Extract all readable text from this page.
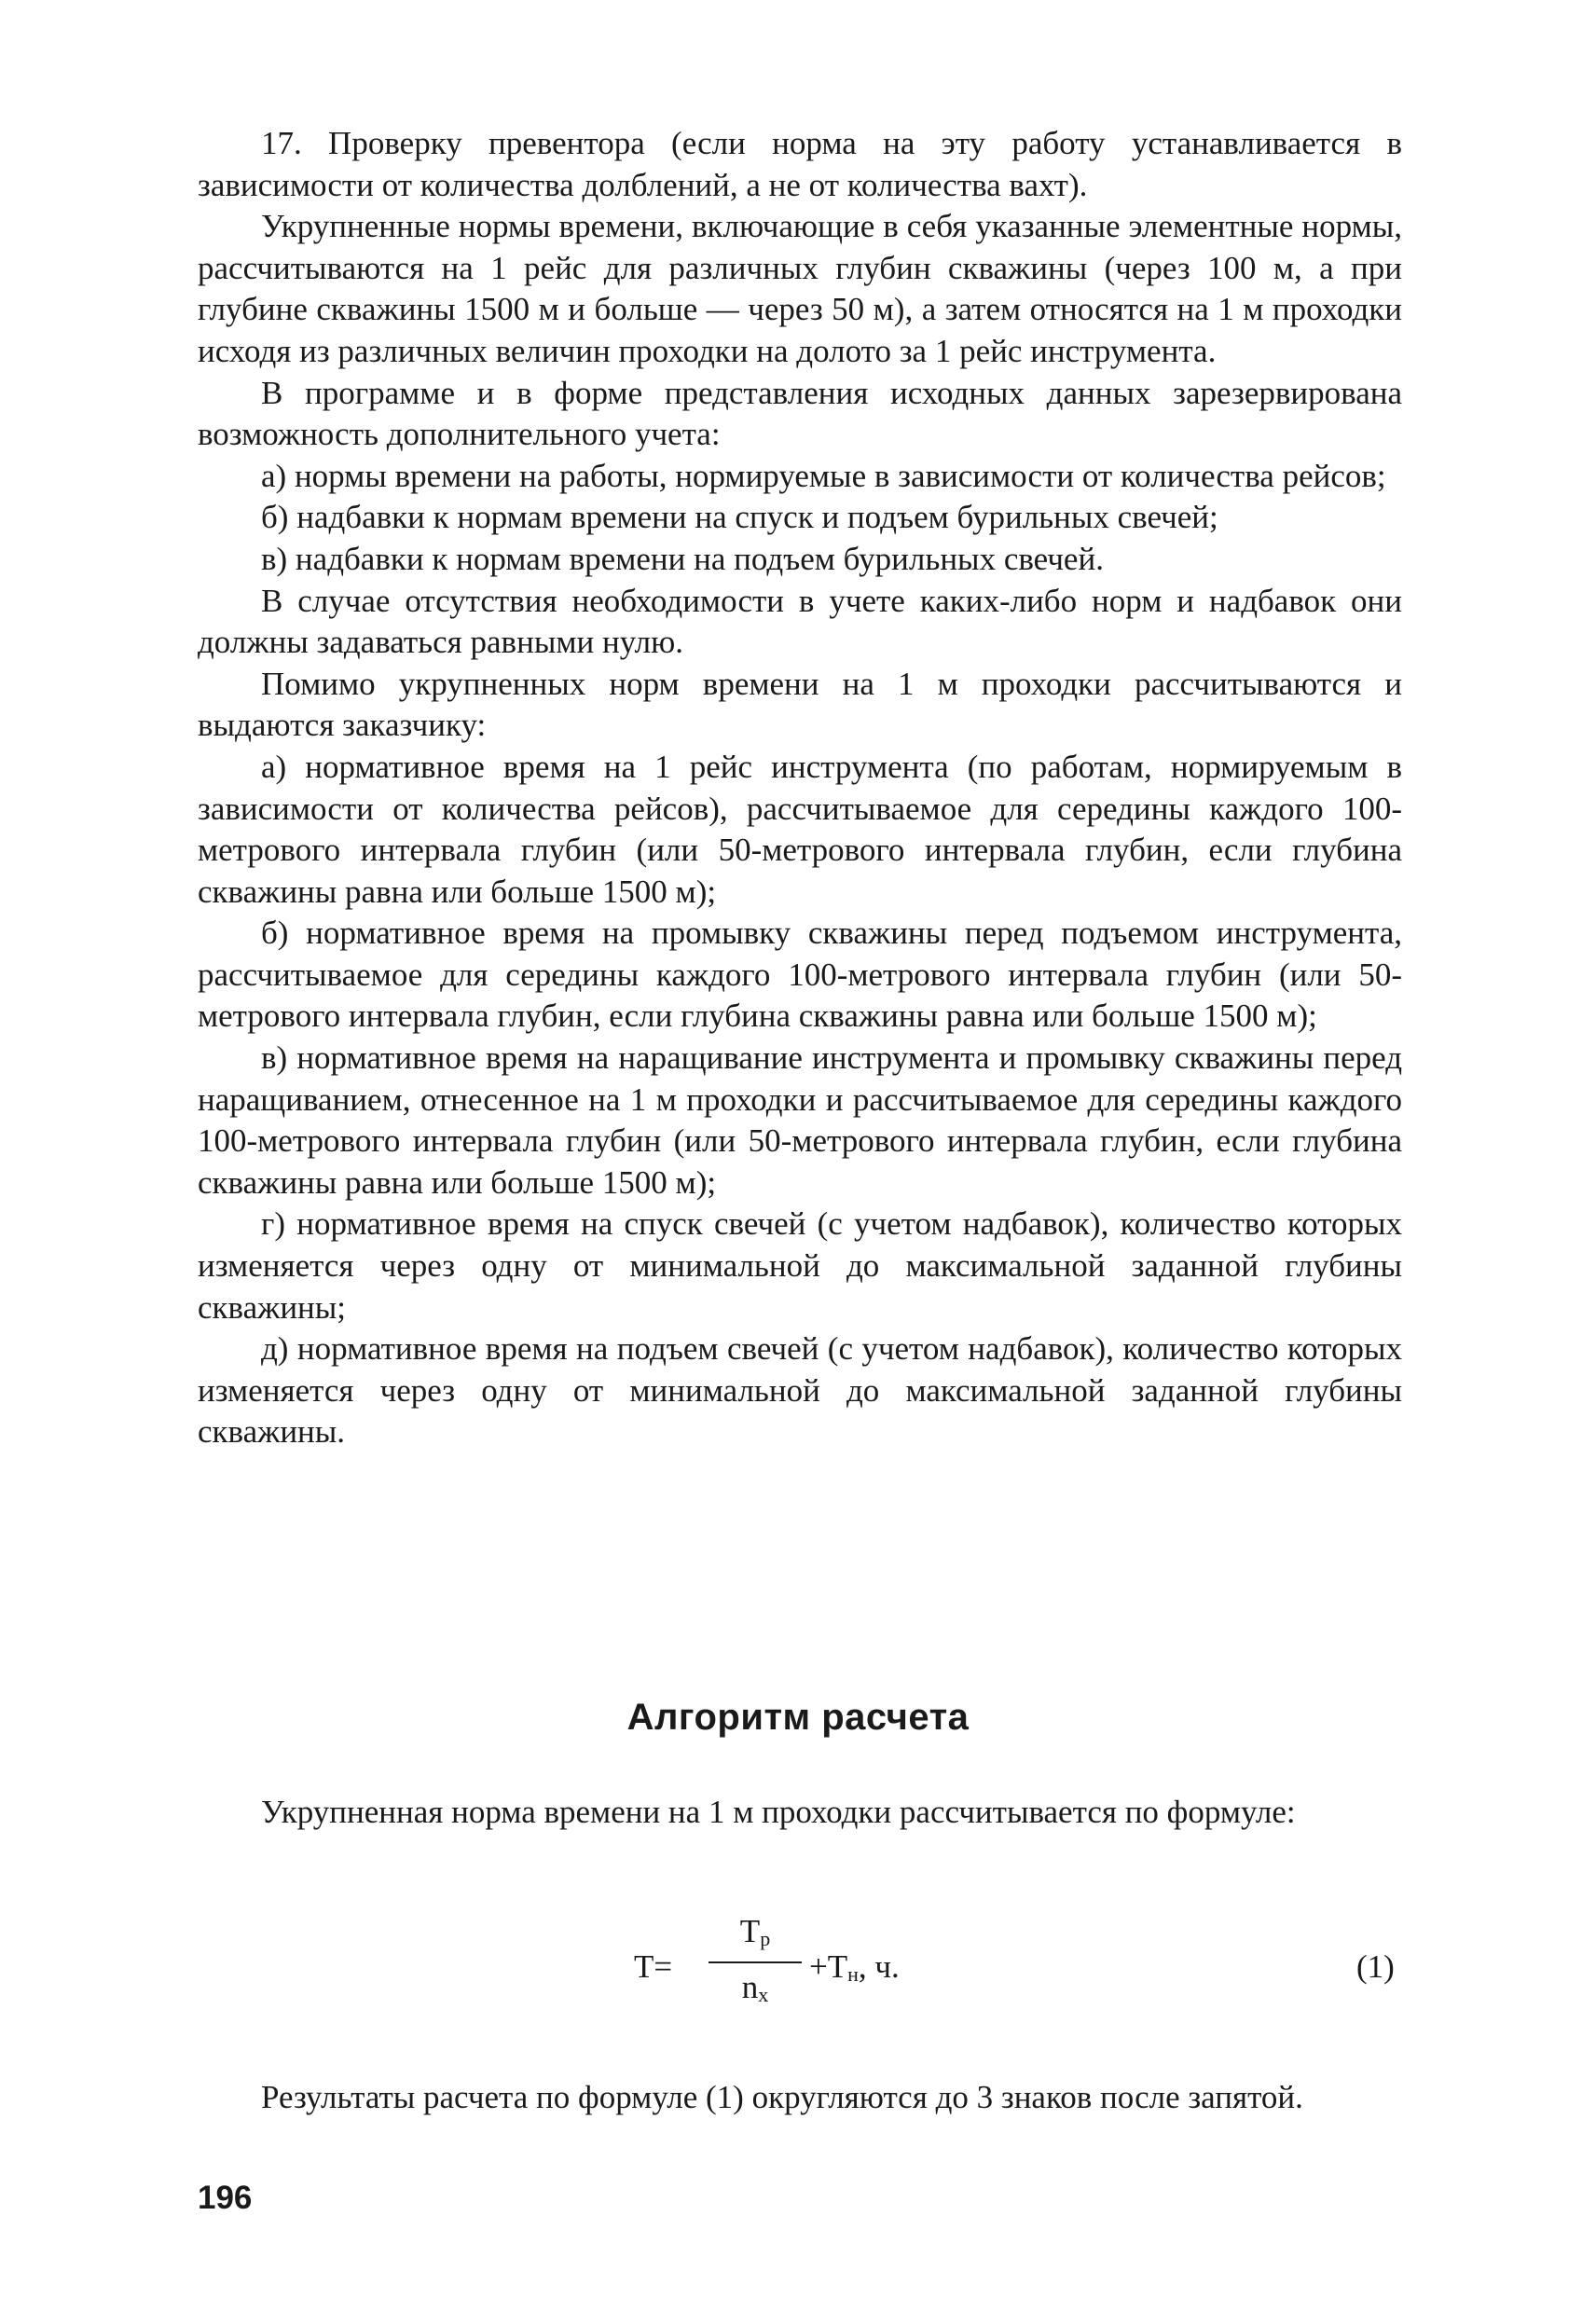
17. Проверку превентора (если норма на эту работу устанавливается в зависимости от количества долблений, а не от количества вахт).

Укрупненные нормы времени, включающие в себя указанные элементные нормы, рассчитываются на 1 рейс для различных глубин скважины (через 100 м, а при глубине скважины 1500 м и больше — через 50 м), а затем относятся на 1 м проходки исходя из различных величин проходки на долото за 1 рейс инструмента.

В программе и в форме представления исходных данных зарезервирована возможность дополнительного учета:

а) нормы времени на работы, нормируемые в зависимости от количества рейсов;

б) надбавки к нормам времени на спуск и подъем бурильных свечей;

в) надбавки к нормам времени на подъем бурильных свечей.

В случае отсутствия необходимости в учете каких-либо норм и надбавок они должны задаваться равными нулю.

Помимо укрупненных норм времени на 1 м проходки рассчитываются и выдаются заказчику:

а) нормативное время на 1 рейс инструмента (по работам, нормируемым в зависимости от количества рейсов), рассчитываемое для середины каждого 100-метрового интервала глубин (или 50-метрового интервала глубин, если глубина скважины равна или больше 1500 м);

б) нормативное время на промывку скважины перед подъемом инструмента, рассчитываемое для середины каждого 100-метрового интервала глубин (или 50-метрового интервала глубин, если глубина скважины равна или больше 1500 м);

в) нормативное время на наращивание инструмента и промывку скважины перед наращиванием, отнесенное на 1 м проходки и рассчитываемое для середины каждого 100-метрового интервала глубин (или 50-метрового интервала глубин, если глубина скважины равна или больше 1500 м);

г) нормативное время на спуск свечей (с учетом надбавок), количество которых изменяется через одну от минимальной до максимальной заданной глубины скважины;

д) нормативное время на подъем свечей (с учетом надбавок), количество которых изменяется через одну от минимальной до максимальной заданной глубины скважины.

Алгоритм расчета

Укрупненная норма времени на 1 м проходки рассчитывается по формуле:

T=
$T_р$
$n_x$
$+T_н$, ч.	(1)

Результаты расчета по формуле (1) округляются до 3 знаков после запятой.

196
